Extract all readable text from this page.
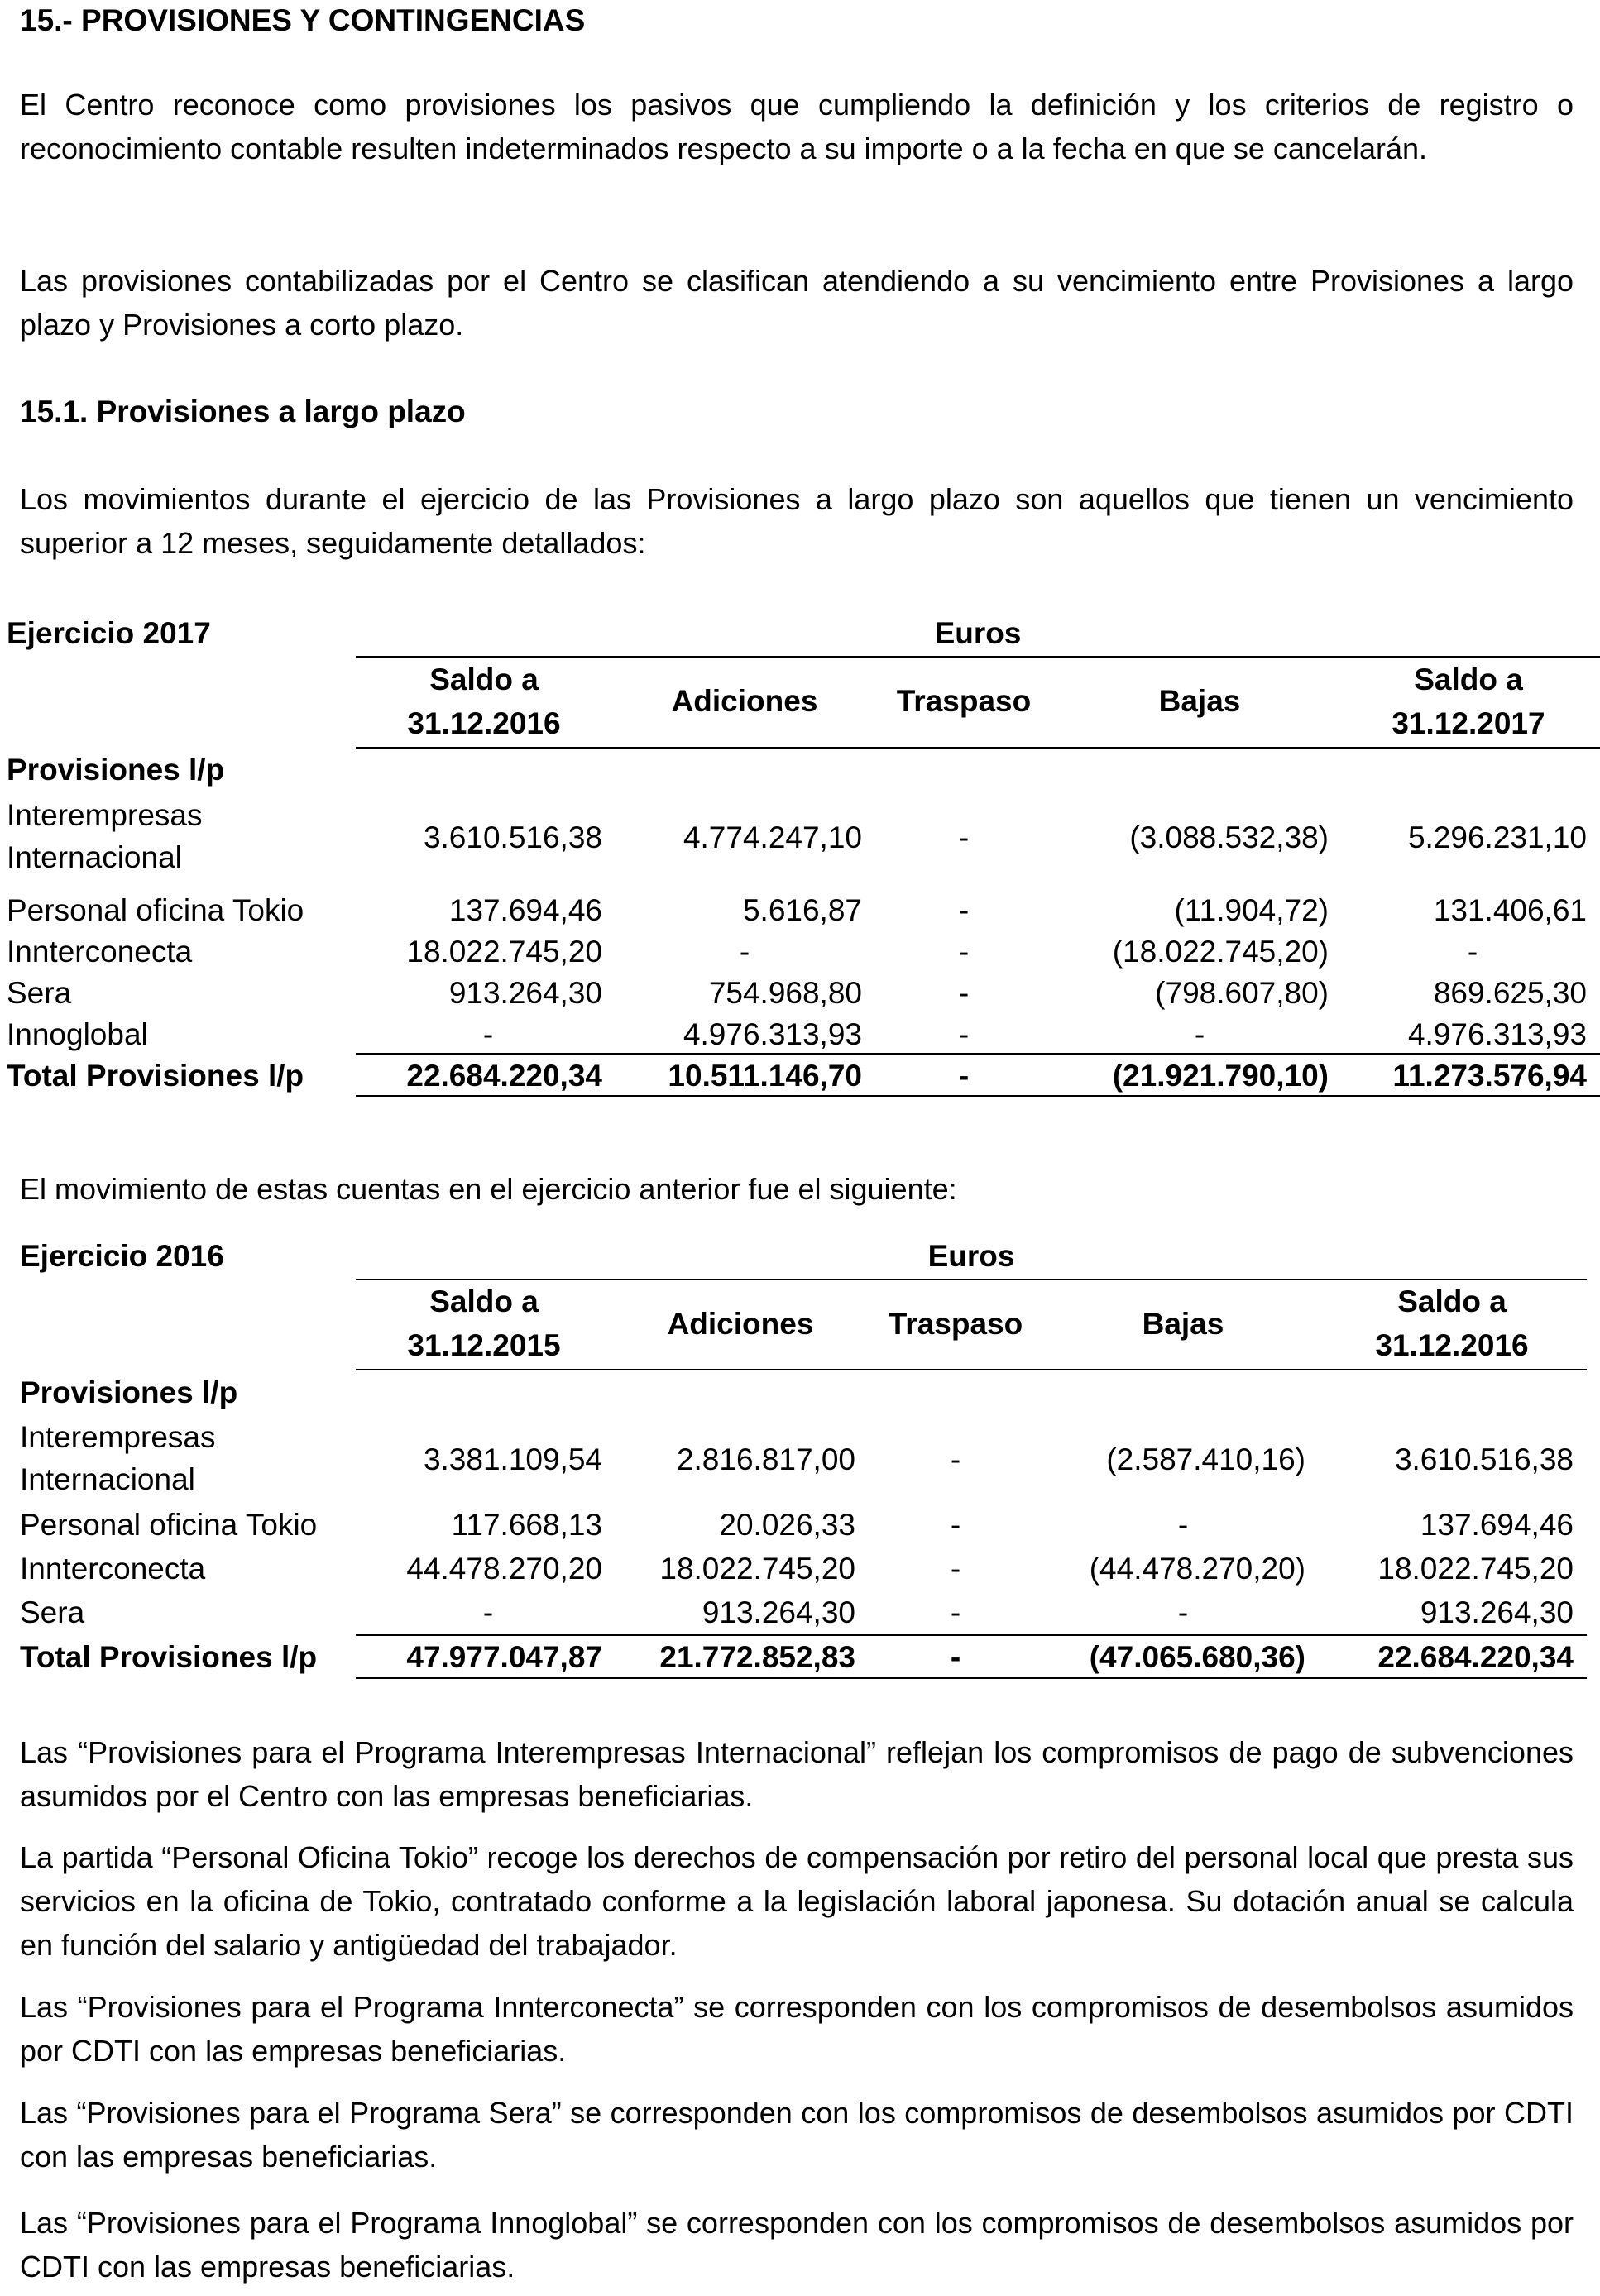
15.- PROVISIONES Y CONTINGENCIAS
El Centro reconoce como provisiones los pasivos que cumpliendo la definición y los criterios de registro o reconocimiento contable resulten indeterminados respecto a su importe o a la fecha en que se cancelarán.
Las provisiones contabilizadas por el Centro se clasifican atendiendo a su vencimiento entre Provisiones a largo plazo y Provisiones a corto plazo.
15.1. Provisiones a largo plazo
Los movimientos durante el ejercicio de las Provisiones a largo plazo son aquellos que tienen un vencimiento superior a 12 meses, seguidamente detallados:
Ejercicio 2017	Euros
Saldo a
31.12.2016
Adiciones	Traspaso	Bajas
Saldo a
31.12.2017
Provisiones l/p
Interempresas
Internacional
3.610.516,38	4.774.247,10	-	(3.088.532,38)	5.296.231,10
Personal oficina Tokio	137.694,46	5.616,87	-	(11.904,72)	131.406,61
Innterconecta	18.022.745,20	-	-	(18.022.745,20)	-
Sera	913.264,30	754.968,80	-	(798.607,80)	869.625,30
Innoglobal	-	4.976.313,93	-	-	4.976.313,93
Total Provisiones l/p	22.684.220,34	10.511.146,70	-	(21.921.790,10)	11.273.576,94
El movimiento de estas cuentas en el ejercicio anterior fue el siguiente:
Ejercicio 2016	Euros
Saldo a
31.12.2015
Adiciones	Traspaso	Bajas
Saldo a
31.12.2016
Provisiones l/p
Interempresas
Internacional
3.381.109,54	2.816.817,00	-	(2.587.410,16)	3.610.516,38
Personal oficina Tokio	117.668,13	20.026,33	-	-	137.694,46
Innterconecta	44.478.270,20	18.022.745,20	-	(44.478.270,20)	18.022.745,20
Sera	-	913.264,30	-	-	913.264,30
Total Provisiones l/p	47.977.047,87	21.772.852,83	-	(47.065.680,36)	22.684.220,34
Las “Provisiones para el Programa Interempresas Internacional” reflejan los compromisos de pago de subvenciones asumidos por el Centro con las empresas beneficiarias.
La partida “Personal Oficina Tokio” recoge los derechos de compensación por retiro del personal local que presta sus servicios en la oficina de Tokio, contratado conforme a la legislación laboral japonesa. Su dotación anual se calcula en función del salario y antigüedad del trabajador.
Las “Provisiones para el Programa Innterconecta” se corresponden con los compromisos de desembolsos asumidos por CDTI con las empresas beneficiarias.
Las “Provisiones para el Programa Sera” se corresponden con los compromisos de desembolsos asumidos por CDTI con las empresas beneficiarias.
Las “Provisiones para el Programa Innoglobal” se corresponden con los compromisos de desembolsos asumidos por CDTI con las empresas beneficiarias.
